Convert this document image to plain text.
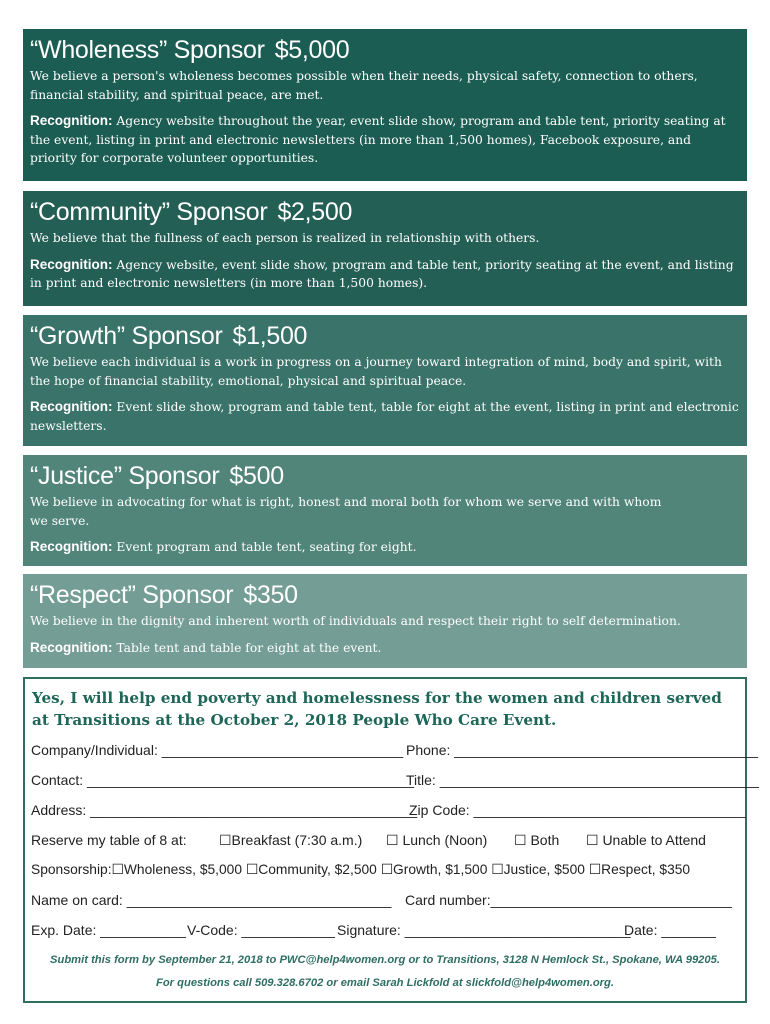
“Wholeness” Sponsor $5,000
We believe a person's wholeness becomes possible when their needs, physical safety, connection to others, financial stability, and spiritual peace, are met.
Recognition: Agency website throughout the year, event slide show, program and table tent, priority seating at the event, listing in print and electronic newsletters (in more than 1,500 homes), Facebook exposure, and priority for corporate volunteer opportunities.
“Community” Sponsor $2,500
We believe that the fullness of each person is realized in relationship with others.
Recognition: Agency website, event slide show, program and table tent, priority seating at the event, and listing in print and electronic newsletters (in more than 1,500 homes).
“Growth” Sponsor $1,500
We believe each individual is a work in progress on a journey toward integration of mind, body and spirit, with the hope of financial stability, emotional, physical and spiritual peace.
Recognition: Event slide show, program and table tent, table for eight at the event, listing in print and electronic newsletters.
“Justice” Sponsor $500
We believe in advocating for what is right, honest and moral both for whom we serve and with whom we serve.
Recognition: Event program and table tent, seating for eight.
“Respect” Sponsor $350
We believe in the dignity and inherent worth of individuals and respect their right to self determination.
Recognition: Table tent and table for eight at the event.
Yes, I will help end poverty and homelessness for the women and children served at Transitions at the October 2, 2018 People Who Care Event.
Company/Individual: _______________________________ Phone: _______________________________________
Contact: __________________________________________Title: _________________________________________
Address: __________________________________________Zip Code: ___________________________________
Reserve my table of 8 at: ☐Breakfast (7:30 a.m.) ☐ Lunch (Noon) ☐ Both ☐ Unable to Attend
Sponsorship:☐Wholeness, $5,000 ☐Community, $2,500 ☐Growth, $1,500 ☐Justice, $500 ☐Respect, $350
Name on card: __________________________________ Card number:_______________________________
Exp. Date: ___________V-Code: ____________ Signature: _____________________________Date: _______
Submit this form by September 21, 2018 to PWC@help4women.org or to Transitions, 3128 N Hemlock St., Spokane, WA 99205.
For questions call 509.328.6702 or email Sarah Lickfold at slickfold@help4women.org.
